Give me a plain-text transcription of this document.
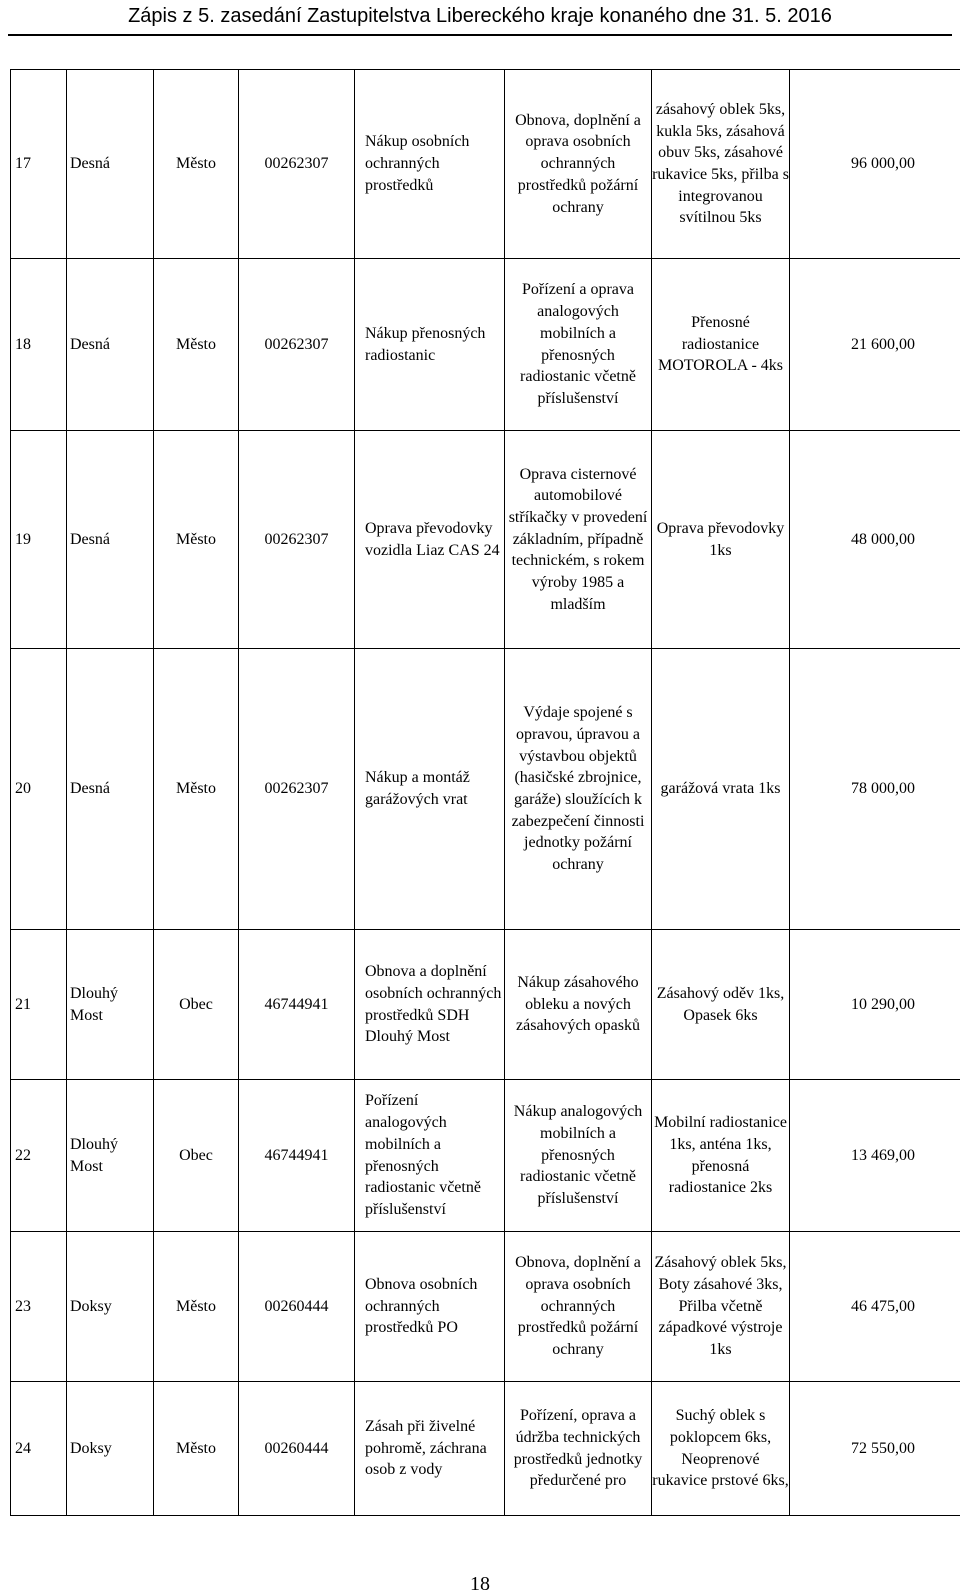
Zápis z 5. zasedání Zastupitelstva Libereckého kraje konaného dne 31. 5. 2016
17	Desná	Město	00262307	Nákup osobních ochranných prostředků	Obnova, doplnění a oprava osobních ochranných prostředků požární ochrany	zásahový oblek 5ks, kukla 5ks, zásahová obuv 5ks, zásahové rukavice 5ks, přilba s integrovanou svítilnou 5ks	96 000,00
18	Desná	Město	00262307	Nákup přenosných radiostanic	Pořízení a oprava analogových mobilních a přenosných radiostanic včetně příslušenství	Přenosné radiostanice MOTOROLA - 4ks	21 600,00
19	Desná	Město	00262307	Oprava převodovky vozidla Liaz CAS 24	Oprava cisternové automobilové stříkačky v provedení základním, případně technickém, s rokem výroby 1985 a mladším	Oprava převodovky 1ks	48 000,00
20	Desná	Město	00262307	Nákup a montáž garážových vrat	Výdaje spojené s opravou, úpravou a výstavbou objektů (hasičské zbrojnice, garáže) sloužících k zabezpečení činnosti jednotky požární ochrany	garážová vrata 1ks	78 000,00
21	Dlouhý Most	Obec	46744941	Obnova a doplnění osobních ochranných prostředků SDH Dlouhý Most	Nákup zásahového obleku a nových zásahových opasků	Zásahový oděv 1ks, Opasek 6ks	10 290,00
22	Dlouhý Most	Obec	46744941	Pořízení analogových mobilních a přenosných radiostanic včetně příslušenství	Nákup analogových mobilních a přenosných radiostanic včetně příslušenství	Mobilní radiostanice 1ks, anténa 1ks, přenosná radiostanice 2ks	13 469,00
23	Doksy	Město	00260444	Obnova osobních ochranných prostředků PO	Obnova, doplnění a oprava osobních ochranných prostředků požární ochrany	Zásahový oblek 5ks, Boty zásahové 3ks, Přilba včetně západkové výstroje 1ks	46 475,00
24	Doksy	Město	00260444	Zásah při živelné pohromě, záchrana osob z vody	Pořízení, oprava a údržba technických prostředků jednotky předurčené pro	Suchý oblek s poklopcem 6ks, Neoprenové rukavice prstové 6ks,	72 550,00
18
